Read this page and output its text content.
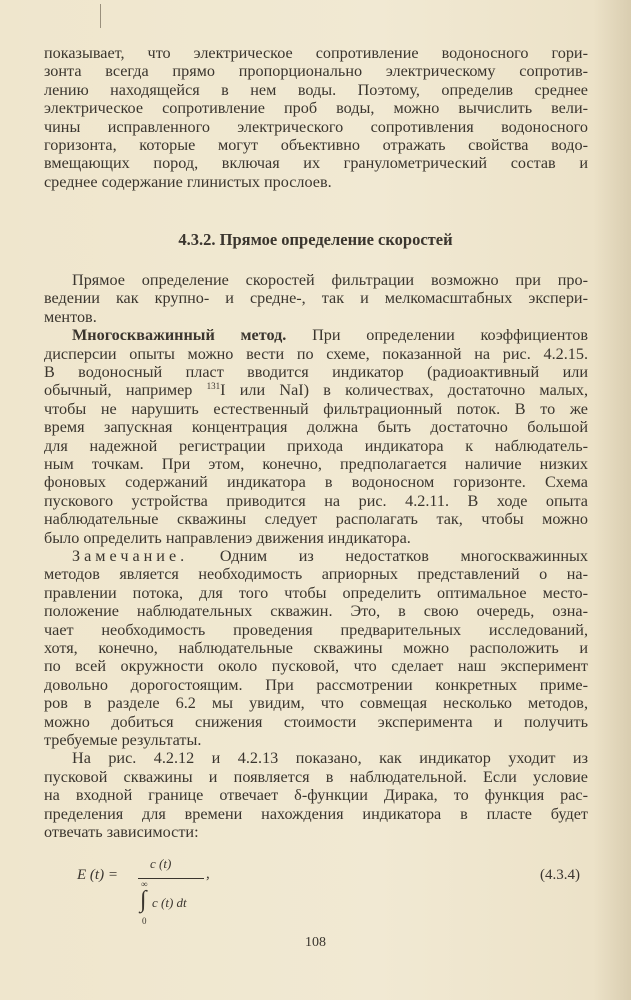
показывает, что электрическое сопротивление водоносного гори-
зонта всегда прямо пропорционально электрическому сопротив-
лению находящейся в нем воды. Поэтому, определив среднее
электрическое сопротивление проб воды, можно вычислить вели-
чины исправленного электрического сопротивления водоносного
горизонта, которые могут объективно отражать свойства водо-
вмещающих пород, включая их гранулометрический состав и
среднее содержание глинистых прослоев.
4.3.2. Прямое определение скоростей
Прямое определение скоростей фильтрации возможно при про-
ведении как крупно- и средне-, так и мелкомасштабных экспери-
ментов.
Многоскважинный метод. При определении коэффициентов
дисперсии опыты можно вести по схеме, показанной на рис. 4.2.15.
В водоносный пласт вводится индикатор (радиоактивный или
обычный, например $^{131}$I или NaI) в количествах, достаточно малых,
чтобы не нарушить естественный фильтрационный поток. В то же
время запускная концентрация должна быть достаточно большой
для надежной регистрации прихода индикатора к наблюдатель-
ным точкам. При этом, конечно, предполагается наличие низких
фоновых содержаний индикатора в водоносном горизонте. Схема
пускового устройства приводится на рис. 4.2.11. В ходе опыта
наблюдательные скважины следует располагать так, чтобы можно
было определить направлениэ движения индикатора.
Замечание. Одним из недостатков многоскважинных
методов является необходимость априорных представлений о на-
правлении потока, для того чтобы определить оптимальное место-
положение наблюдательных скважин. Это, в свою очередь, озна-
чает необходимость проведения предварительных исследований,
хотя, конечно, наблюдательные скважины можно расположить и
по всей окружности около пусковой, что сделает наш эксперимент
довольно дорогостоящим. При рассмотрении конкретных приме-
ров в разделе 6.2 мы увидим, что совмещая несколько методов,
можно добиться снижения стоимости эксперимента и получить
требуемые результаты.
На рис. 4.2.12 и 4.2.13 показано, как индикатор уходит из
пусковой скважины и появляется в наблюдательной. Если условие
на входной границе отвечает δ-функции Дирака, то функция рас-
пределения для времени нахождения индикатора в пласте будет
отвечать зависимости:
E (t) =
c (t)
,
∞
∫ c (t) dt
0
(4.3.4)
108
